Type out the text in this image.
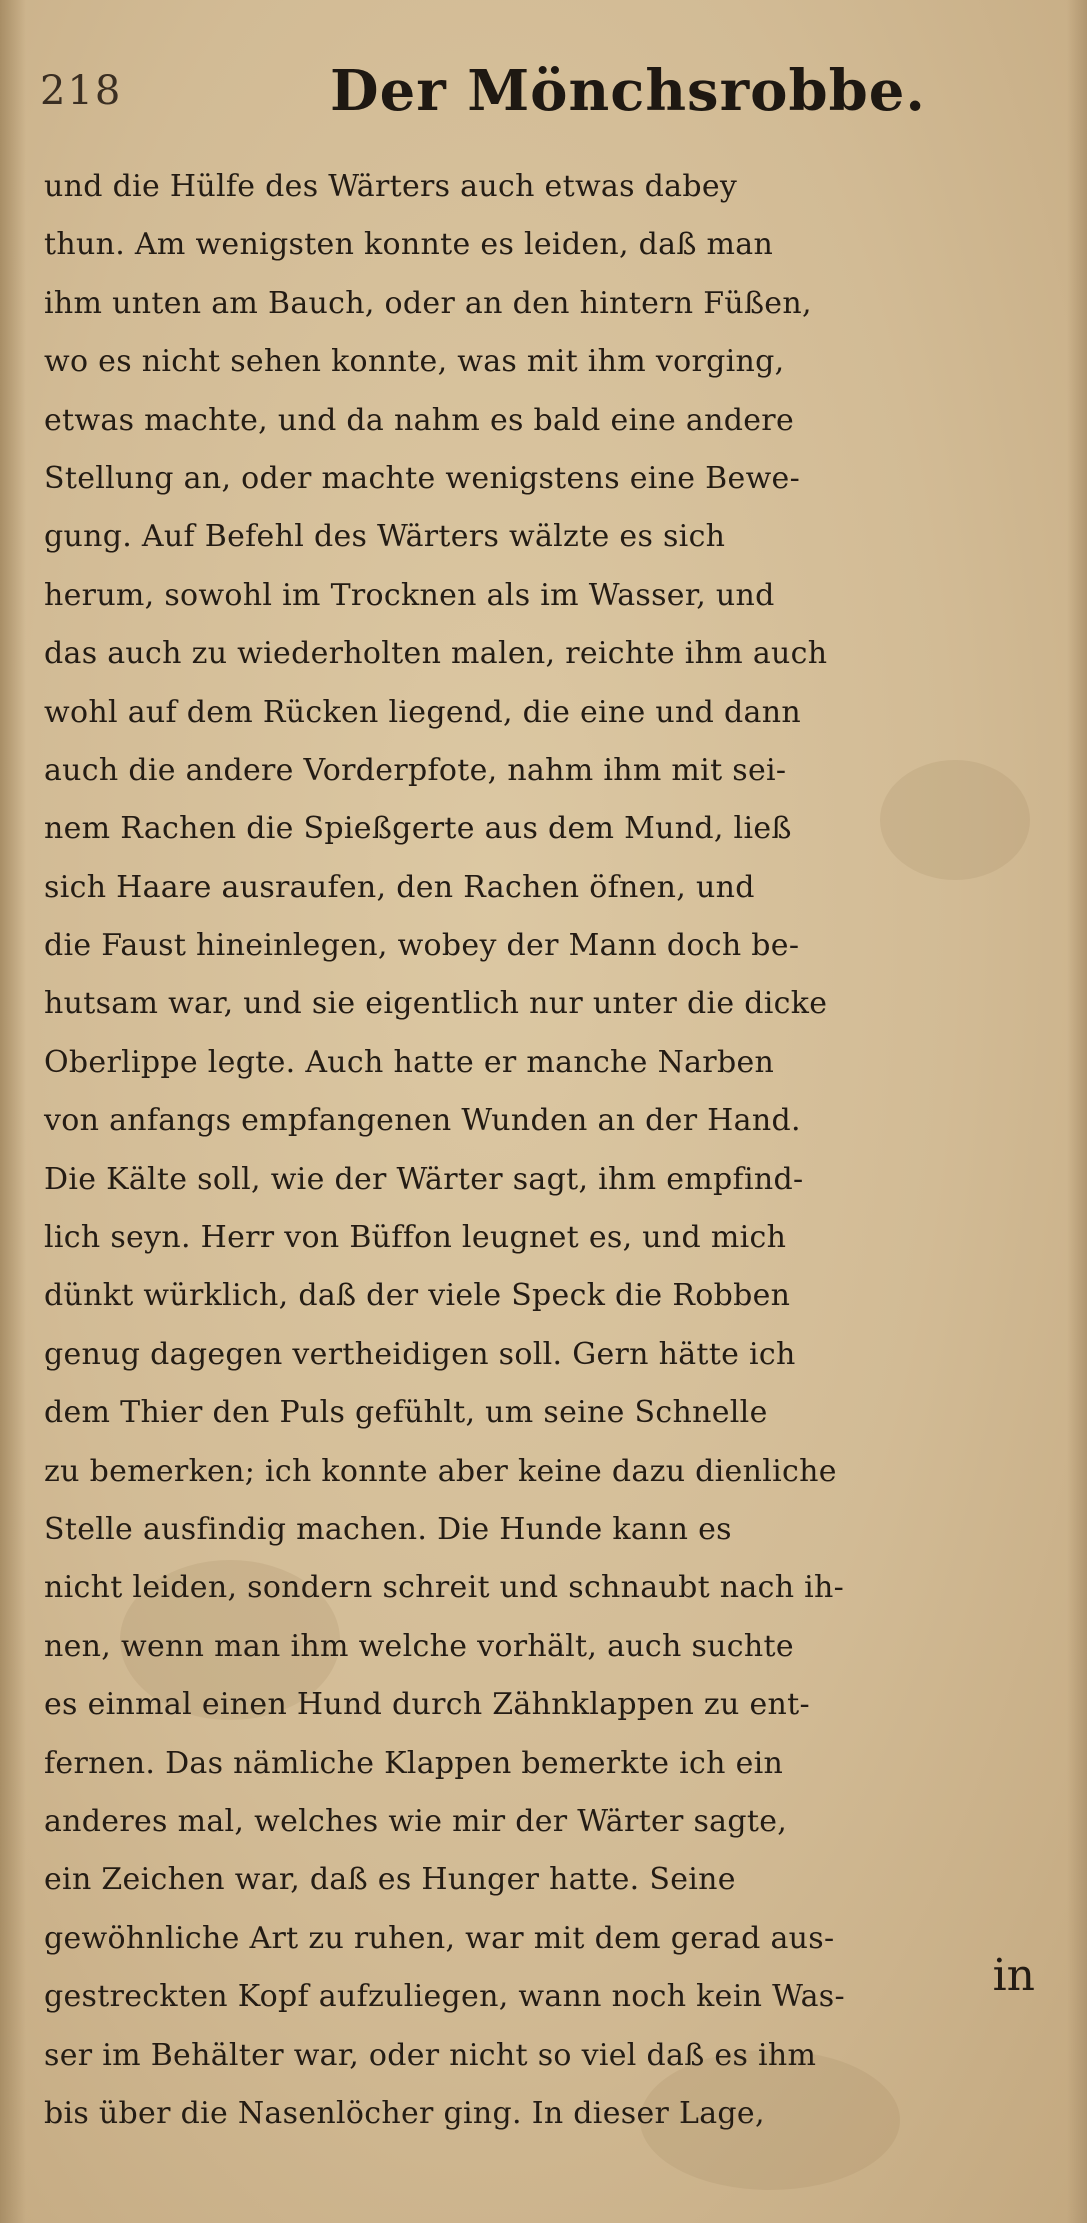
218	Der Mönchsrobbe.
und die Hülfe des Wärters auch etwas dabey
thun. Am wenigsten konnte es leiden, daß man
ihm unten am Bauch, oder an den hintern Füßen,
wo es nicht sehen konnte, was mit ihm vorging,
etwas machte, und da nahm es bald eine andere
Stellung an, oder machte wenigstens eine Bewe-
gung. Auf Befehl des Wärters wälzte es sich
herum, sowohl im Trocknen als im Wasser, und
das auch zu wiederholten malen, reichte ihm auch
wohl auf dem Rücken liegend, die eine und dann
auch die andere Vorderpfote, nahm ihm mit sei-
nem Rachen die Spießgerte aus dem Mund, ließ
sich Haare ausraufen, den Rachen öfnen, und
die Faust hineinlegen, wobey der Mann doch be-
hutsam war, und sie eigentlich nur unter die dicke
Oberlippe legte. Auch hatte er manche Narben
von anfangs empfangenen Wunden an der Hand.
Die Kälte soll, wie der Wärter sagt, ihm empfind-
lich seyn. Herr von Büffon leugnet es, und mich
dünkt würklich, daß der viele Speck die Robben
genug dagegen vertheidigen soll. Gern hätte ich
dem Thier den Puls gefühlt, um seine Schnelle
zu bemerken; ich konnte aber keine dazu dienliche
Stelle ausfindig machen. Die Hunde kann es
nicht leiden, sondern schreit und schnaubt nach ih-
nen, wenn man ihm welche vorhält, auch suchte
es einmal einen Hund durch Zähnklappen zu ent-
fernen. Das nämliche Klappen bemerkte ich ein
anderes mal, welches wie mir der Wärter sagte,
ein Zeichen war, daß es Hunger hatte. Seine
gewöhnliche Art zu ruhen, war mit dem gerad aus-
gestreckten Kopf aufzuliegen, wann noch kein Was-
ser im Behälter war, oder nicht so viel daß es ihm
bis über die Nasenlöcher ging. In dieser Lage,
in
